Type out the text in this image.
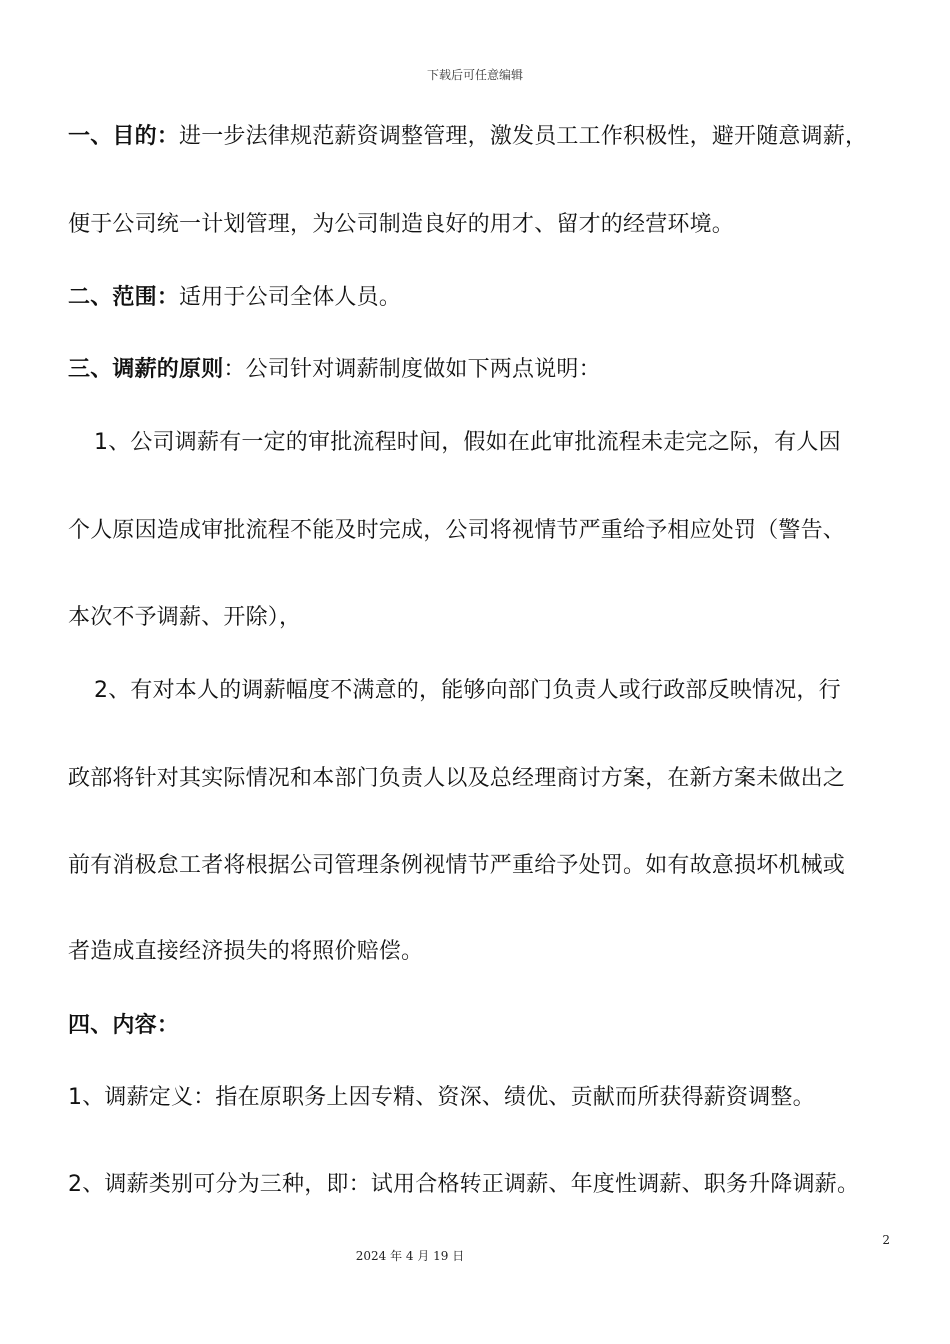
下载后可任意编辑
一、目的：进一步法律规范薪资调整管理，激发员工工作积极性，避开随意调薪，
便于公司统一计划管理，为公司制造良好的用才、留才的经营环境。
二、范围：适用于公司全体人员。
三、调薪的原则：公司针对调薪制度做如下两点说明：
1、公司调薪有一定的审批流程时间，假如在此审批流程未走完之际，有人因
个人原因造成审批流程不能及时完成，公司将视情节严重给予相应处罚（警告、
本次不予调薪、开除），
2、有对本人的调薪幅度不满意的，能够向部门负责人或行政部反映情况，行
政部将针对其实际情况和本部门负责人以及总经理商讨方案，在新方案未做出之
前有消极怠工者将根据公司管理条例视情节严重给予处罚。如有故意损坏机械或
者造成直接经济损失的将照价赔偿。
四、内容：
1、调薪定义：指在原职务上因专精、资深、绩优、贡献而所获得薪资调整。
2、调薪类别可分为三种，即：试用合格转正调薪、年度性调薪、职务升降调薪。
2
2024 年 4 月 19 日
